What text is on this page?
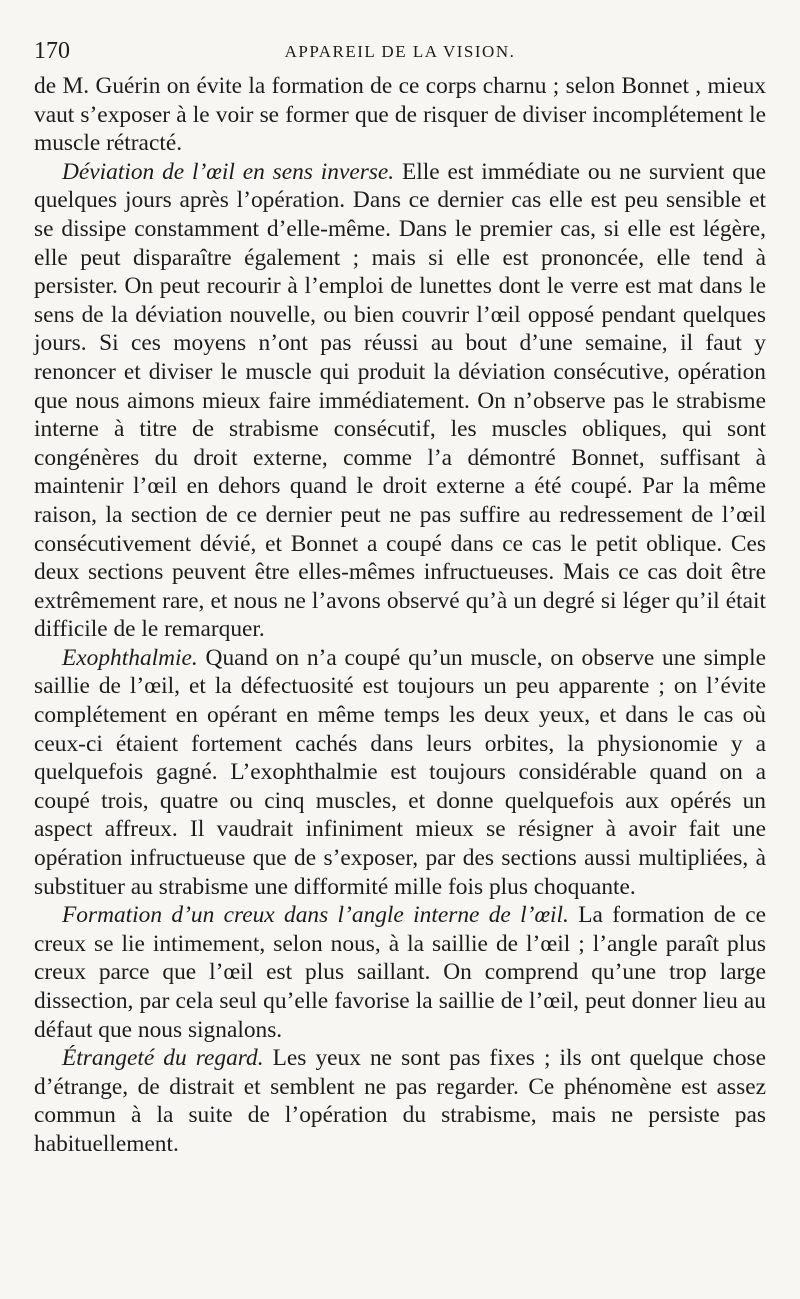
170	APPAREIL DE LA VISION.

de M. Guérin on évite la formation de ce corps charnu ; selon Bonnet , mieux vaut s’exposer à le voir se former que de risquer de diviser incomplétement le muscle rétracté.

Déviation de l’œil en sens inverse. Elle est immédiate ou ne survient que quelques jours après l’opération. Dans ce dernier cas elle est peu sensible et se dissipe constamment d’elle-même. Dans le premier cas, si elle est légère, elle peut disparaître également ; mais si elle est prononcée, elle tend à persister. On peut recourir à l’emploi de lunettes dont le verre est mat dans le sens de la déviation nouvelle, ou bien couvrir l’œil opposé pendant quelques jours. Si ces moyens n’ont pas réussi au bout d’une semaine, il faut y renoncer et diviser le muscle qui produit la déviation consécutive, opération que nous aimons mieux faire immédiatement. On n’observe pas le strabisme interne à titre de strabisme consécutif, les muscles obliques, qui sont congénères du droit externe, comme l’a démontré Bonnet, suffisant à maintenir l’œil en dehors quand le droit externe a été coupé. Par la même raison, la section de ce dernier peut ne pas suffire au redressement de l’œil consécutivement dévié, et Bonnet a coupé dans ce cas le petit oblique. Ces deux sections peuvent être elles-mêmes infructueuses. Mais ce cas doit être extrêmement rare, et nous ne l’avons observé qu’à un degré si léger qu’il était difficile de le remarquer.

Exophthalmie. Quand on n’a coupé qu’un muscle, on observe une simple saillie de l’œil, et la défectuosité est toujours un peu apparente ; on l’évite complétement en opérant en même temps les deux yeux, et dans le cas où ceux-ci étaient fortement cachés dans leurs orbites, la physionomie y a quelquefois gagné. L’exophthalmie est toujours considérable quand on a coupé trois, quatre ou cinq muscles, et donne quelquefois aux opérés un aspect affreux. Il vaudrait infiniment mieux se résigner à avoir fait une opération infructueuse que de s’exposer, par des sections aussi multipliées, à substituer au strabisme une difformité mille fois plus choquante.

Formation d’un creux dans l’angle interne de l’œil. La formation de ce creux se lie intimement, selon nous, à la saillie de l’œil ; l’angle paraît plus creux parce que l’œil est plus saillant. On comprend qu’une trop large dissection, par cela seul qu’elle favorise la saillie de l’œil, peut donner lieu au défaut que nous signalons.

Étrangeté du regard. Les yeux ne sont pas fixes ; ils ont quelque chose d’étrange, de distrait et semblent ne pas regarder. Ce phénomène est assez commun à la suite de l’opération du strabisme, mais ne persiste pas habituellement.
